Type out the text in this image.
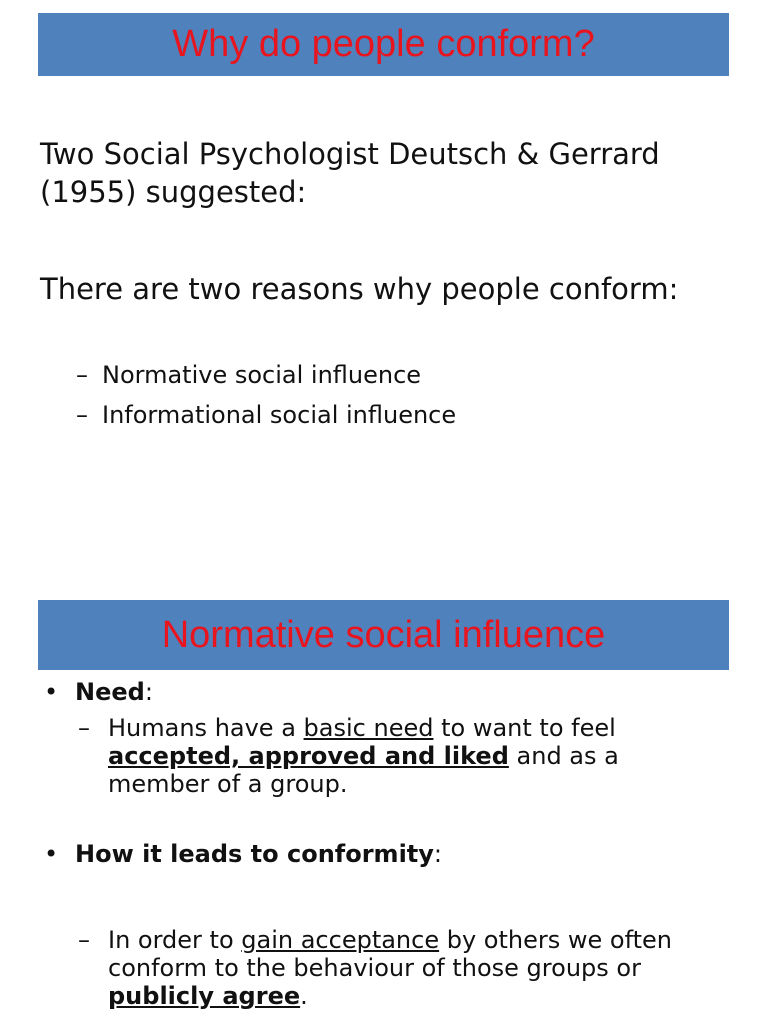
Why do people conform?
Two Social Psychologist Deutsch & Gerrard (1955) suggested:
There are two reasons why people conform:
– Normative social influence
– Informational social influence
Normative social influence
• Need:
– Humans have a basic need to want to feel accepted, approved and liked and as a member of a group.
• How it leads to conformity:
– In order to gain acceptance by others we often conform to the behaviour of those groups or publicly agree.
